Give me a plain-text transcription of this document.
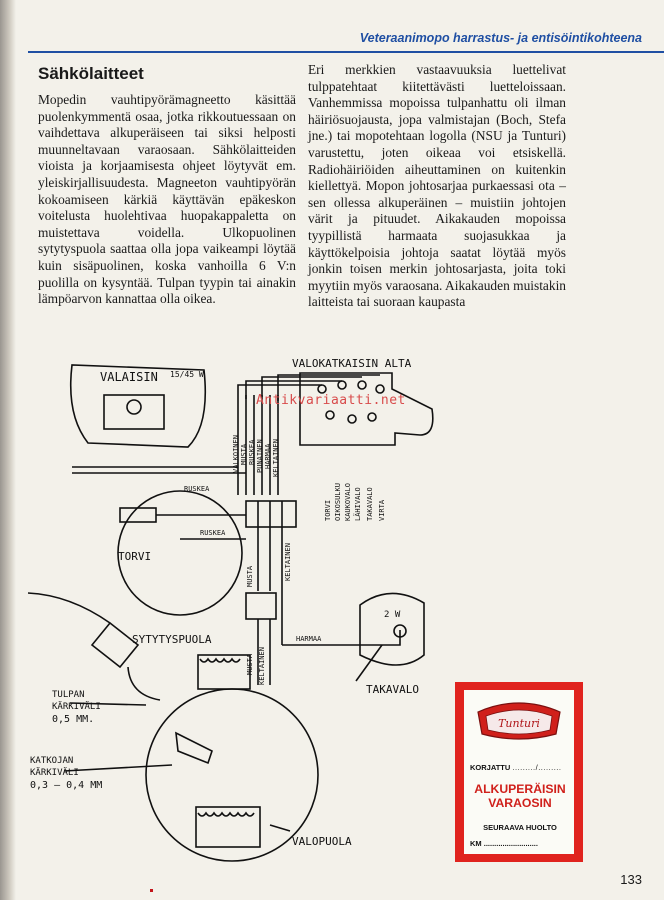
Veteraanimopo harrastus- ja entisöintikohteena
Sähkölaitteet

Mopedin vauhtipyörämagneetto käsittää puolenkymmentä osaa, jotka rikkoutuessaan on vaihdettava alkuperäiseen tai siksi helposti muunneltavaan varaosaan. Sähkölaitteiden vioista ja korjaamisesta ohjeet löytyvät em. yleiskirjallisuudesta. Magneeton vauhtipyörän kokoamiseen kärkiä käyttävän epäkeskon voitelusta huolehtivaa huopakappaletta on muistettava voidella. Ulkopuolinen sytytyspuola saattaa olla jopa vaikeampi löytää kuin sisäpuolinen, koska vanhoilla 6 V:n puolilla on kysyntää. Tulpan tyypin tai ainakin lämpöarvon kannattaa olla oikea.

Eri merkkien vastaavuuksia luettelivat tulppatehtaat kiitettävästi luetteloissaan. Vanhemmissa mopoissa tulpanhattu oli ilman häiriösuojausta, jopa valmistajan (Boch, Stefa jne.) tai mopotehtaan logolla (NSU ja Tunturi) varustettu, joten oikeaa voi etsiskellä. Radiohäiriöiden aiheuttaminen on kuitenkin kiellettyä. Mopon johtosarjaa purkaessasi ota – sen ollessa alkuperäinen – muistiin johtojen värit ja pituudet. Aikakauden mopoissa tyypillistä harmaata suojasukkaa ja käyttökelpoisia johtoja saatat löytää myös jonkin toisen merkin johtosarjasta, joita toki myytiin myös varaosana. Aikakauden muistakin laitteista tai suoraan kaupasta

VALAISIN 15/45 W
VALOKATKAISIN ALTA
VALKOINEN MUSTA RUSKEA PUNAINEN HARMAA KELTAINEN
RUSKEA
RUSKEA
TORVI
TORVI OIKOSULKU KAUKOVALO LÄHIVALO TAKAVALO VIRTA
MUSTA	KELTAINEN
MUSTA KELTAINEN
HARMAA
2 W
TAKAVALO
SYTYTYSPUOLA
TULPAN
KÄRKIVÄLI
0,5 MM.
KATKOJAN
KÄRKIVÄLI
0,3 – 0,4 MM
VALOPUOLA
Antikvariaatti.net
Tunturi
KORJATTU ........./.........
ALKUPERÄISIN
VARAOSIN
SEURAAVA HUOLTO
KM ..........................
133
